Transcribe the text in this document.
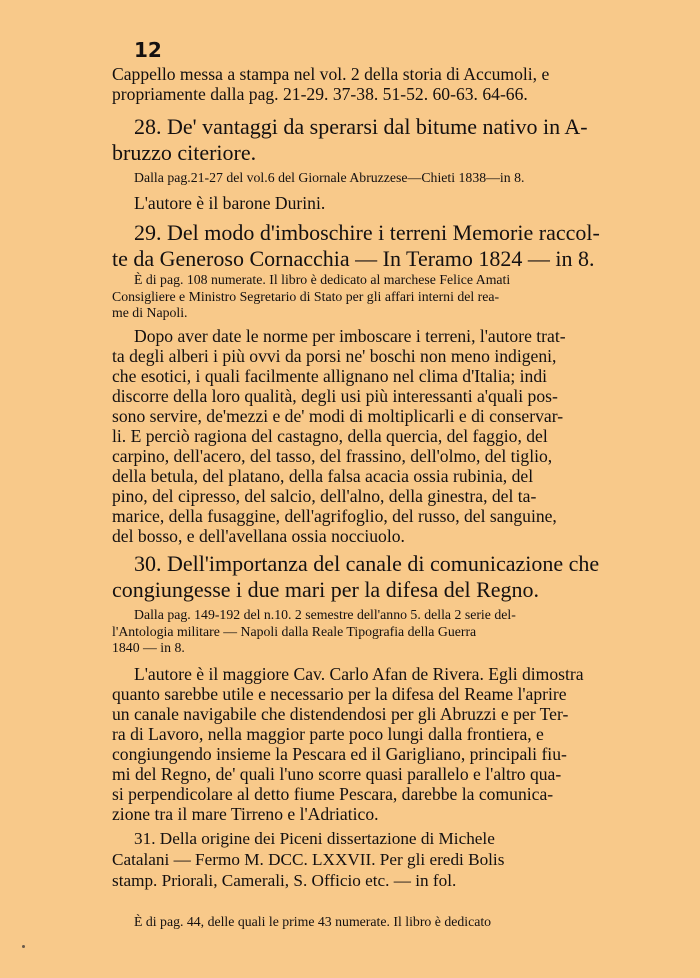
12
Cappello messa a stampa nel vol. 2 della storia di Accumoli, e
propriamente dalla pag. 21-29. 37-38. 51-52. 60-63. 64-66.
28. De' vantaggi da sperarsi dal bitume nativo in A-
bruzzo citeriore.
Dalla pag.21-27 del vol.6 del Giornale Abruzzese—Chieti 1838—in 8.
L'autore è il barone Durini.
29. Del modo d'imboschire i terreni Memorie raccol-
te da Generoso Cornacchia — In Teramo 1824 — in 8.
È di pag. 108 numerate. Il libro è dedicato al marchese Felice Amati
Consigliere e Ministro Segretario di Stato per gli affari interni del rea-
me di Napoli.
Dopo aver date le norme per imboscare i terreni, l'autore trat-
ta degli alberi i più ovvi da porsi ne' boschi non meno indigeni,
che esotici, i quali facilmente allignano nel clima d'Italia; indi
discorre della loro qualità, degli usi più interessanti a'quali pos-
sono servire, de'mezzi e de' modi di moltiplicarli e di conservar-
li. E perciò ragiona del castagno, della quercia, del faggio, del
carpino, dell'acero, del tasso, del frassino, dell'olmo, del tiglio,
della betula, del platano, della falsa acacia ossia rubinia, del
pino, del cipresso, del salcio, dell'alno, della ginestra, del ta-
marice, della fusaggine, dell'agrifoglio, del russo, del sanguine,
del bosso, e dell'avellana ossia nocciuolo.
30. Dell'importanza del canale di comunicazione che
congiungesse i due mari per la difesa del Regno.
Dalla pag. 149-192 del n.10. 2 semestre dell'anno 5. della 2 serie del-
l'Antologia militare — Napoli dalla Reale Tipografia della Guerra
1840 — in 8.
L'autore è il maggiore Cav. Carlo Afan de Rivera. Egli dimostra
quanto sarebbe utile e necessario per la difesa del Reame l'aprire
un canale navigabile che distendendosi per gli Abruzzi e per Ter-
ra di Lavoro, nella maggior parte poco lungi dalla frontiera, e
congiungendo insieme la Pescara ed il Garigliano, principali fiu-
mi del Regno, de' quali l'uno scorre quasi parallelo e l'altro qua-
si perpendicolare al detto fiume Pescara, darebbe la comunica-
zione tra il mare Tirreno e l'Adriatico.
31. Della origine dei Piceni dissertazione di Michele
Catalani — Fermo M. DCC. LXXVII. Per gli eredi Bolis
stamp. Priorali, Camerali, S. Officio etc. — in fol.
È di pag. 44, delle quali le prime 43 numerate. Il libro è dedicato
